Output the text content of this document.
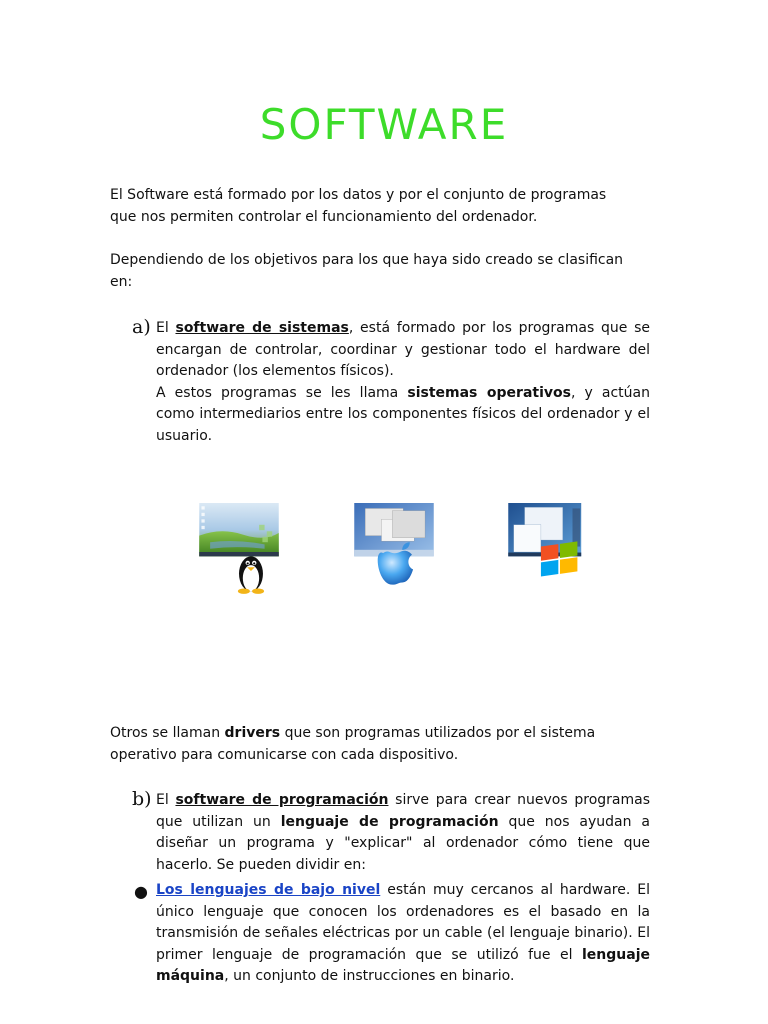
SOFTWARE

El Software está formado por los datos y por el conjunto de programas
que nos permiten controlar el funcionamiento del ordenador.

Dependiendo de los objetivos para los que haya sido creado se clasifican
en:

a) El software de sistemas, está formado por los programas que se encargan de controlar, coordinar y gestionar todo el hardware del ordenador (los elementos físicos).
A estos programas se les llama sistemas operativos, y actúan como intermediarios entre los componentes físicos del ordenador y el usuario.

Otros se llaman drivers que son programas utilizados por el sistema operativo para comunicarse con cada dispositivo.

b) El software de programación sirve para crear nuevos programas que utilizan un lenguaje de programación que nos ayudan a diseñar un programa y "explicar" al ordenador cómo tiene que hacerlo. Se pueden dividir en:

● Los lenguajes de bajo nivel están muy cercanos al hardware. El único lenguaje que conocen los ordenadores es el basado en la transmisión de señales eléctricas por un cable (el lenguaje binario). El primer lenguaje de programación que se utilizó fue el lenguaje máquina, un conjunto de instrucciones en binario.
